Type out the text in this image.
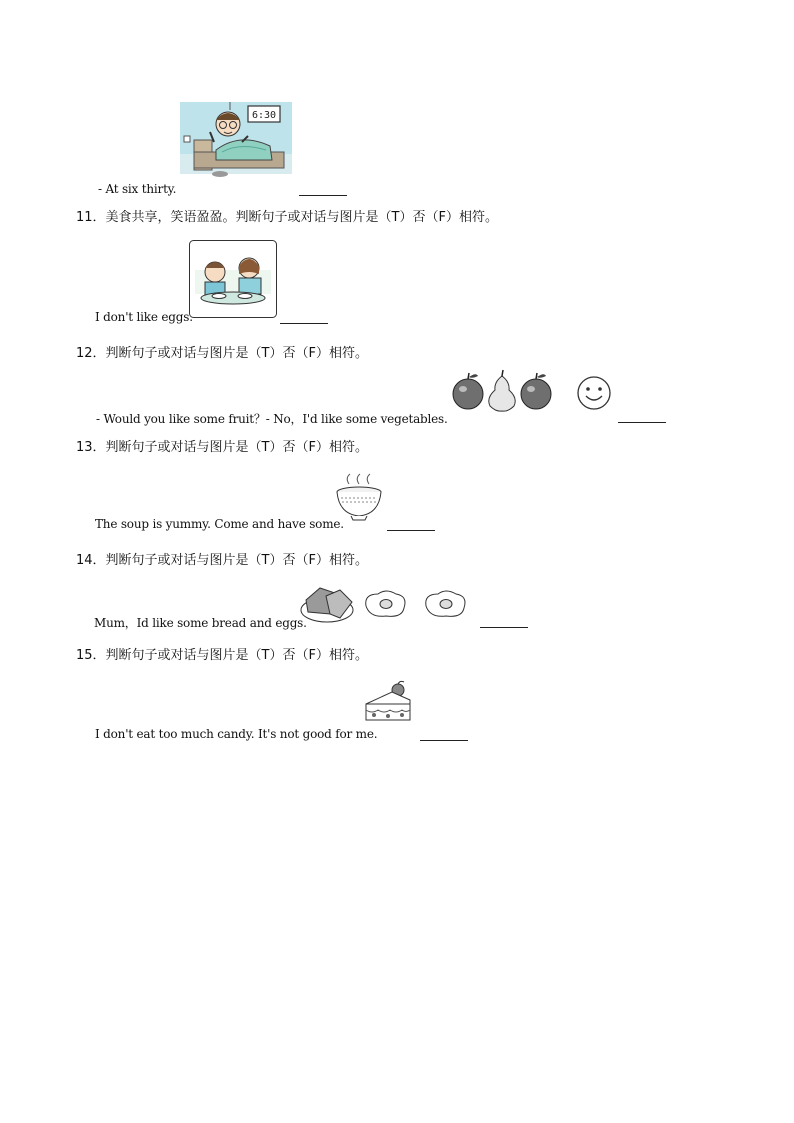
6:30
- At six thirty.
11．美食共享，笑语盈盈。判断句子或对话与图片是（T）否（F）相符。
I don't like eggs.
12．判断句子或对话与图片是（T）否（F）相符。
- Would you like some fruit？- No，I'd like some vegetables.
13．判断句子或对话与图片是（T）否（F）相符。
The soup is yummy. Come and have some.
14．判断句子或对话与图片是（T）否（F）相符。
Mum，Id like some bread and eggs.
15．判断句子或对话与图片是（T）否（F）相符。
I don't eat too much candy. It's not good for me.
